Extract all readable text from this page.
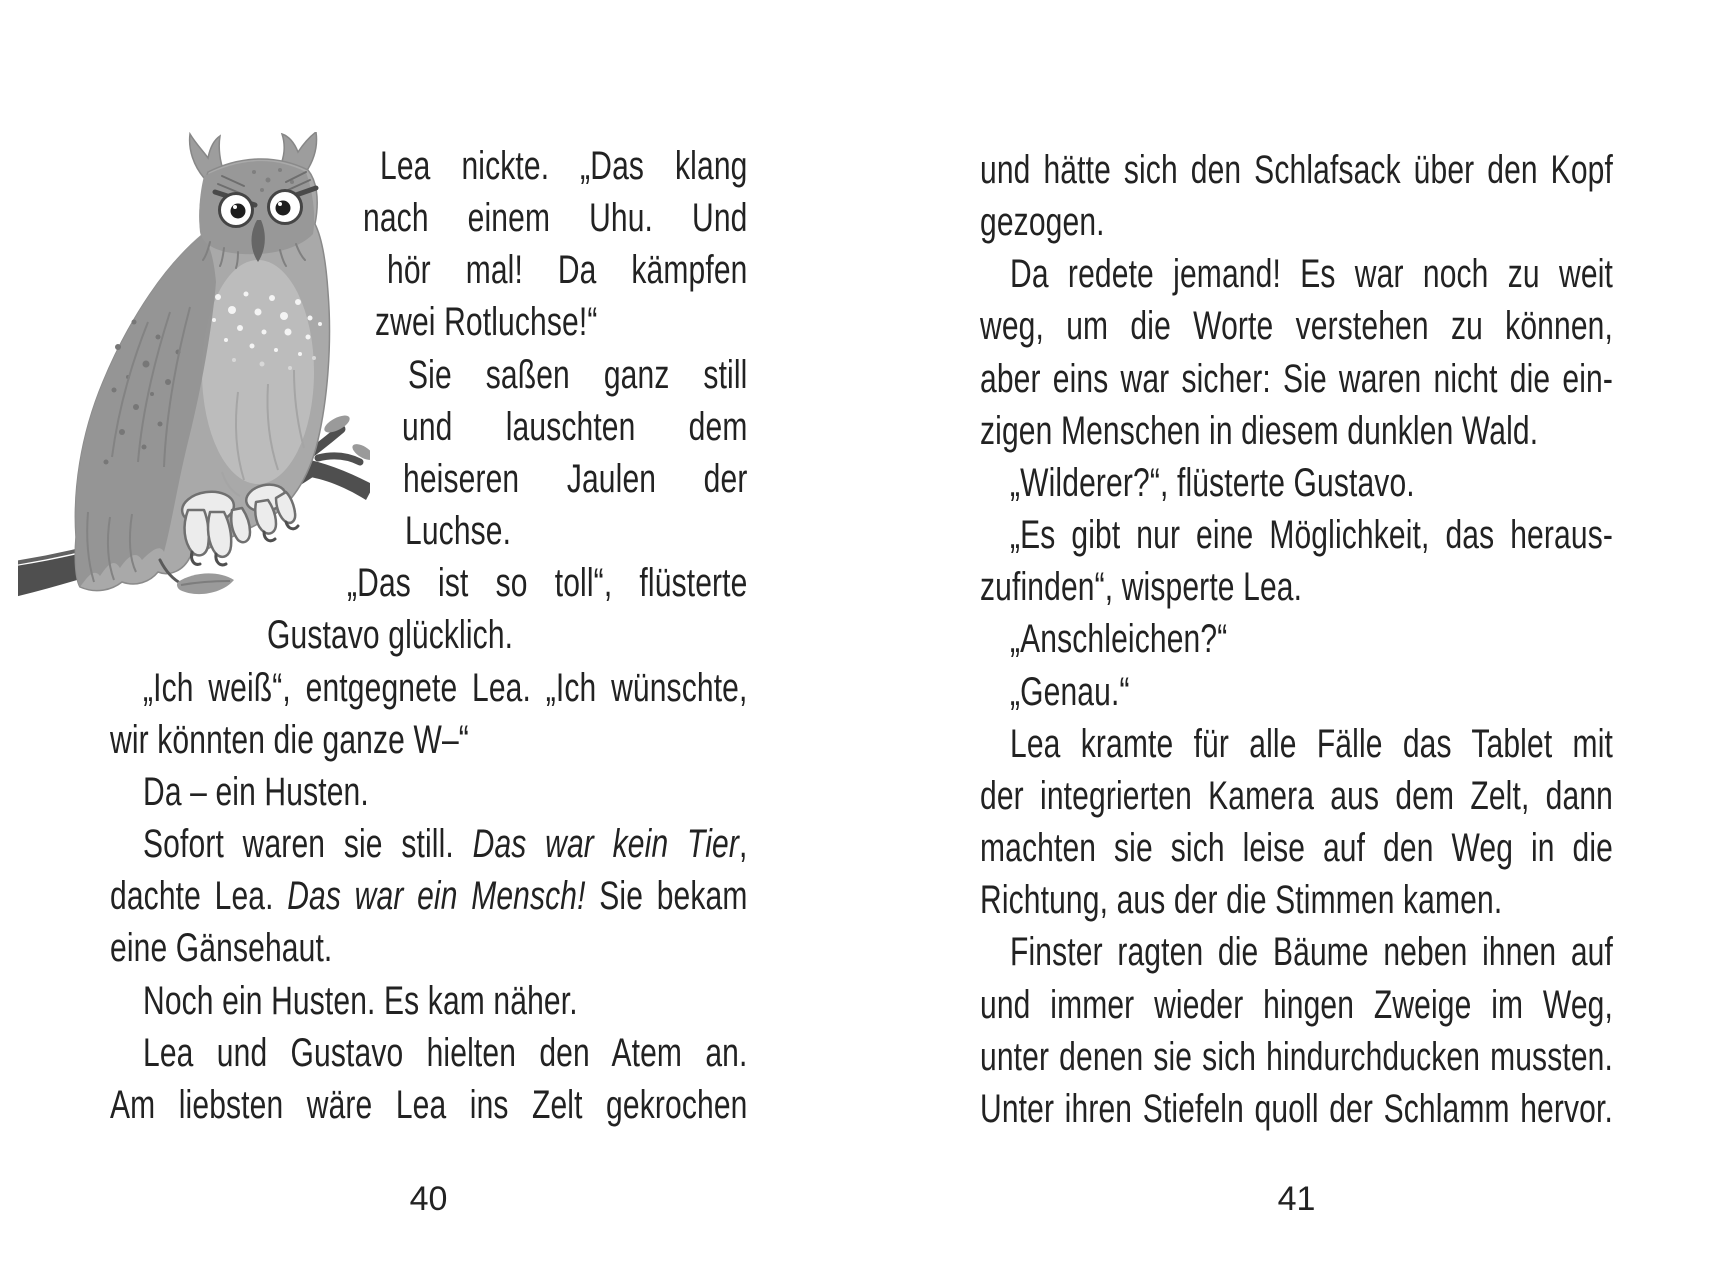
Lea nickte. „Das klang
nach einem Uhu. Und
hör mal! Da kämpfen
zwei Rotluchse!“
Sie saßen ganz still
und lauschten dem
heiseren Jaulen der
Luchse.
„Das ist so toll“, flüsterte
Gustavo glücklich.
„Ich weiß“, entgegnete Lea. „Ich wünschte,
wir könnten die ganze W–“
Da – ein Husten.
Sofort waren sie still. Das war kein Tier,
dachte Lea. Das war ein Mensch! Sie bekam
eine Gänsehaut.
Noch ein Husten. Es kam näher.
Lea und Gustavo hielten den Atem an.
Am liebsten wäre Lea ins Zelt gekrochen
und hätte sich den Schlafsack über den Kopf
gezogen.
Da redete jemand! Es war noch zu weit
weg, um die Worte verstehen zu können,
aber eins war sicher: Sie waren nicht die ein-
zigen Menschen in diesem dunklen Wald.
„Wilderer?“, flüsterte Gustavo.
„Es gibt nur eine Möglichkeit, das heraus-
zufinden“, wisperte Lea.
„Anschleichen?“
„Genau.“
Lea kramte für alle Fälle das Tablet mit
der integrierten Kamera aus dem Zelt, dann
machten sie sich leise auf den Weg in die
Richtung, aus der die Stimmen kamen.
Finster ragten die Bäume neben ihnen auf
und immer wieder hingen Zweige im Weg,
unter denen sie sich hindurchducken mussten.
Unter ihren Stiefeln quoll der Schlamm hervor.
40	41
